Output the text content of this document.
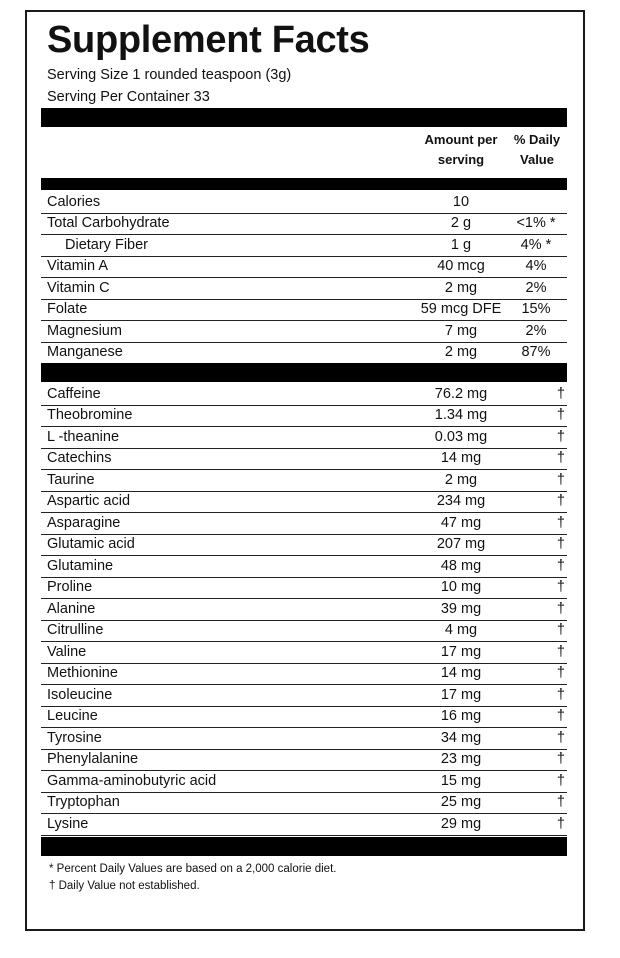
Supplement Facts
Serving Size 1 rounded teaspoon (3g)
Serving Per Container 33
Amount per
serving
% Daily
Value
Calories	10
Total Carbohydrate	2 g	<1% *
Dietary Fiber	1 g	4% *
Vitamin A	40 mcg	4%
Vitamin C	2 mg	2%
Folate	59 mcg DFE	15%
Magnesium	7 mg	2%
Manganese	2 mg	87%
Caffeine	76.2 mg	†
Theobromine	1.34 mg	†
L -theanine	0.03 mg	†
Catechins	14 mg	†
Taurine	2 mg	†
Aspartic acid	234 mg	†
Asparagine	47 mg	†
Glutamic acid	207 mg	†
Glutamine	48 mg	†
Proline	10 mg	†
Alanine	39 mg	†
Citrulline	4 mg	†
Valine	17 mg	†
Methionine	14 mg	†
Isoleucine	17 mg	†
Leucine	16 mg	†
Tyrosine	34 mg	†
Phenylalanine	23 mg	†
Gamma-aminobutyric acid	15 mg	†
Tryptophan	25 mg	†
Lysine	29 mg	†
* Percent Daily Values are based on a 2,000 calorie diet.
† Daily Value not established.
